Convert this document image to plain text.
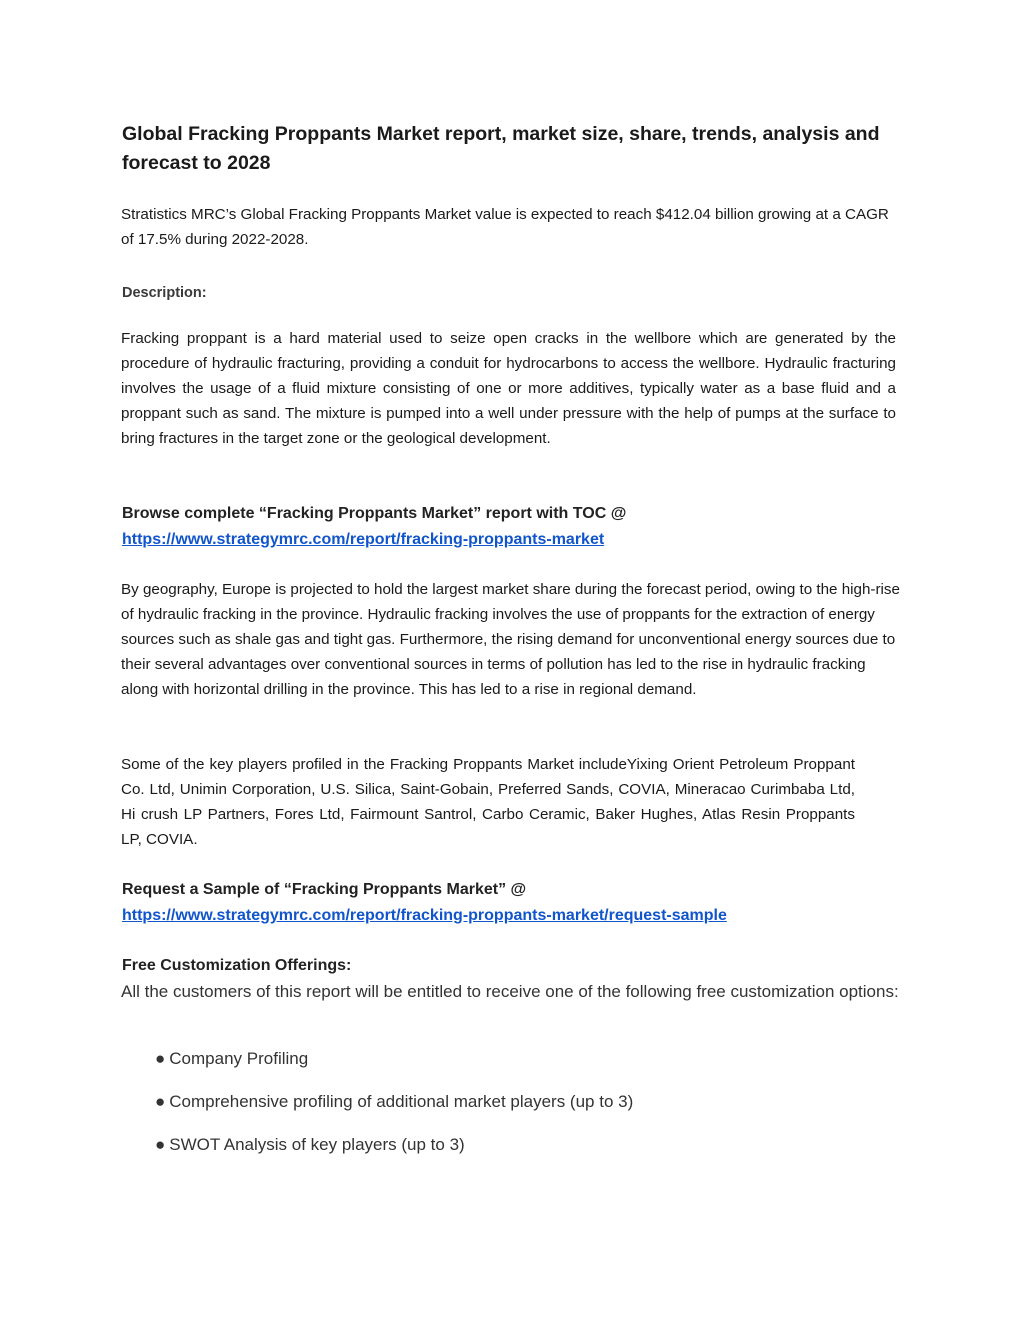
Global Fracking Proppants Market report, market size, share, trends, analysis and forecast to 2028

Stratistics MRC’s Global Fracking Proppants Market value is expected to reach $412.04 billion growing at a CAGR of 17.5% during 2022-2028.

Description:

Fracking proppant is a hard material used to seize open cracks in the wellbore which are generated by the procedure of hydraulic fracturing, providing a conduit for hydrocarbons to access the wellbore. Hydraulic fracturing involves the usage of a fluid mixture consisting of one or more additives, typically water as a base fluid and a proppant such as sand. The mixture is pumped into a well under pressure with the help of pumps at the surface to bring fractures in the target zone or the geological development.

Browse complete “Fracking Proppants Market” report with TOC @
https://www.strategymrc.com/report/fracking-proppants-market

By geography, Europe is projected to hold the largest market share during the forecast period, owing to the high-rise of hydraulic fracking in the province. Hydraulic fracking involves the use of proppants for the extraction of energy sources such as shale gas and tight gas. Furthermore, the rising demand for unconventional energy sources due to their several advantages over conventional sources in terms of pollution has led to the rise in hydraulic fracking along with horizontal drilling in the province. This has led to a rise in regional demand.

Some of the key players profiled in the Fracking Proppants Market includeYixing Orient Petroleum Proppant Co. Ltd, Unimin Corporation, U.S. Silica, Saint-Gobain, Preferred Sands, COVIA, Mineracao Curimbaba Ltd, Hi crush LP Partners, Fores Ltd, Fairmount Santrol, Carbo Ceramic, Baker Hughes, Atlas Resin Proppants LP, COVIA.

Request a Sample of “Fracking Proppants Market” @
https://www.strategymrc.com/report/fracking-proppants-market/request-sample

Free Customization Offerings:

All the customers of this report will be entitled to receive one of the following free customization options:

● Company Profiling

● Comprehensive profiling of additional market players (up to 3)

● SWOT Analysis of key players (up to 3)
